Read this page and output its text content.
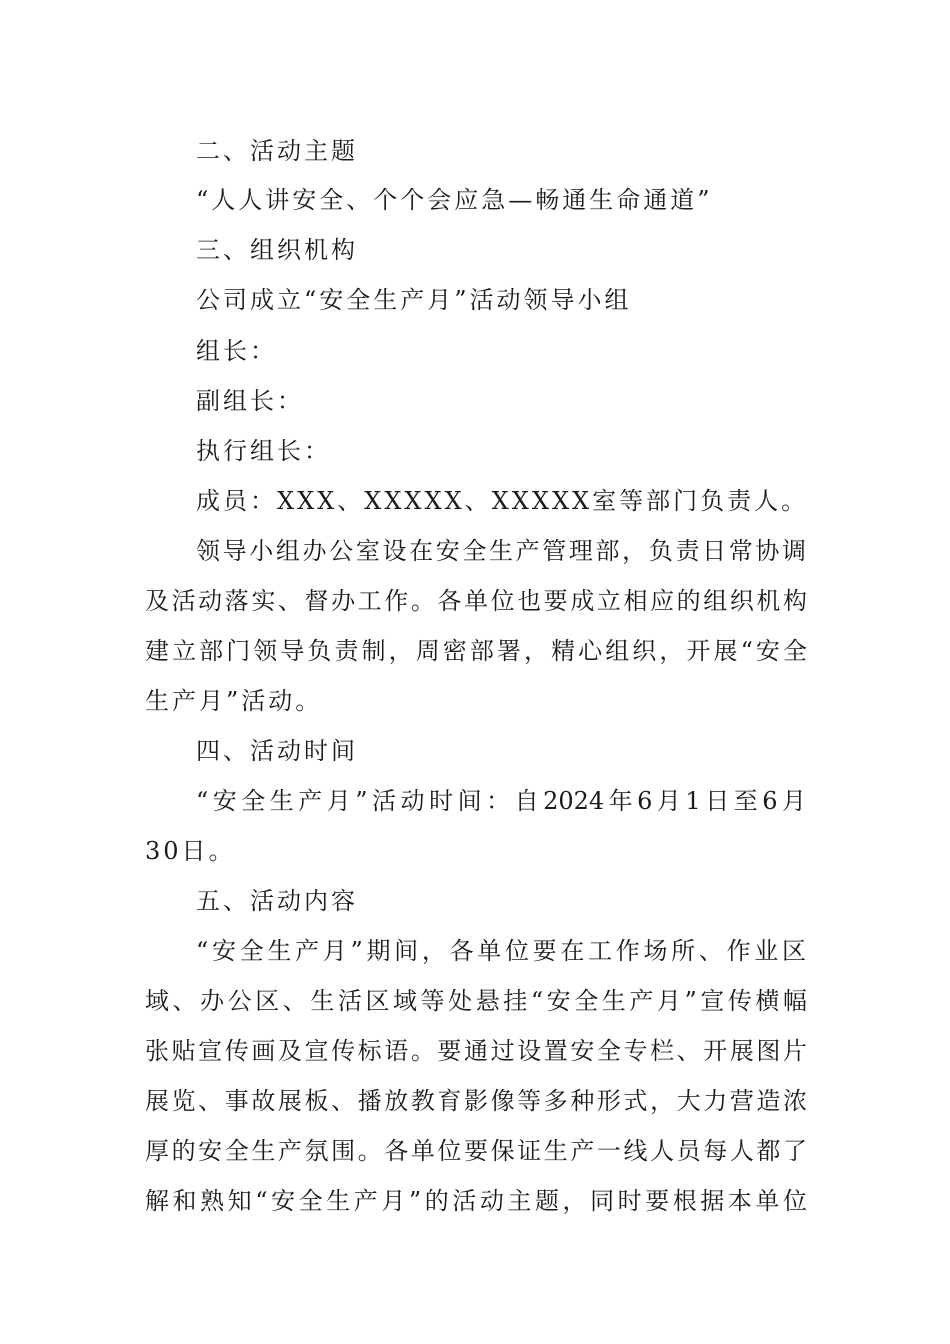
二、活动主题
“人人讲安全、个个会应急—畅通生命通道”
三、组织机构
公司成立“安全生产月”活动领导小组
组长：
副组长：
执行组长：
成员：XXX、XXXXX、XXXXX室等部门负责人。
领导小组办公室设在安全生产管理部，负责日常协调
及活动落实、督办工作。各单位也要成立相应的组织机构
建立部门领导负责制，周密部署，精心组织，开展“安全
生产月”活动。
四、活动时间
“安全生产月”活动时间：自2024年6月1日至6月
30日。
五、活动内容
“安全生产月”期间，各单位要在工作场所、作业区
域、办公区、生活区域等处悬挂“安全生产月”宣传横幅
张贴宣传画及宣传标语。要通过设置安全专栏、开展图片
展览、事故展板、播放教育影像等多种形式，大力营造浓
厚的安全生产氛围。各单位要保证生产一线人员每人都了
解和熟知“安全生产月”的活动主题，同时要根据本单位
